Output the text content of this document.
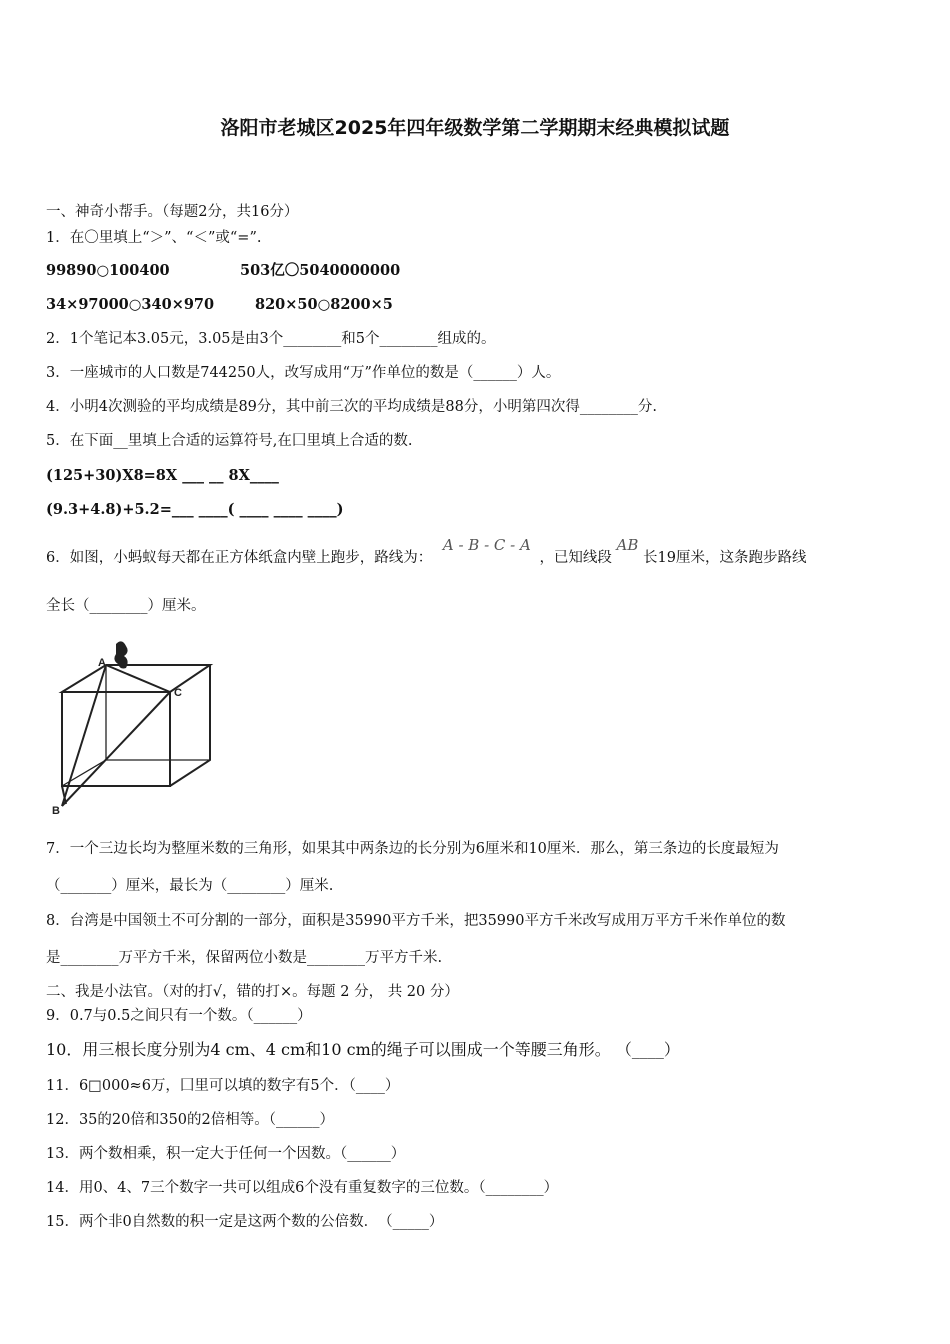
洛阳市老城区2025年四年级数学第二学期期末经典模拟试题
一、神奇小帮手。（每题2分，共16分）
1．在〇里填上“＞”、“＜”或“=”.
99890○100400	503亿〇5040000000
34×97000○340×970	820×50○8200×5
2．1个笔记本3.05元，3.05是由3个________和5个________组成的。
3．一座城市的人口数是744250人，改写成用“万”作单位的数是（______）人。
4．小明4次测验的平均成绩是89分，其中前三次的平均成绩是88分，小明第四次得________分.
5．在下面__里填上合适的运算符号,在囗里填上合适的数.
(125+30)X8=8X ___ __ 8X____
(9.3+4.8)+5.2=___ ____( ____ ____ ____)
6．如图，小蚂蚁每天都在正方体纸盒内壁上跑步，路线为： A - B - C - A ，已知线段 AB 长19厘米，这条跑步路线
全长（________）厘米。
A
C
B
7．一个三边长均为整厘米数的三角形，如果其中两条边的长分别为6厘米和10厘米．那么，第三条边的长度最短为
（_______）厘米，最长为（________）厘米.
8．台湾是中国领土不可分割的一部分，面积是35990平方千米，把35990平方千米改写成用万平方千米作单位的数
是________万平方千米，保留两位小数是________万平方千米.
二、我是小法官。（对的打√，错的打×。每题 2 分， 共 20 分）
9．0.7与0.5之间只有一个数。（______）
10．用三根长度分别为4 cm、4 cm和10 cm的绳子可以围成一个等腰三角形。 （____）
11．6□000≈6万，囗里可以填的数字有5个．（____）
12．35的20倍和350的2倍相等。（______）
13．两个数相乘，积一定大于任何一个因数。（______）
14．用0、4、7三个数字一共可以组成6个没有重复数字的三位数。（________）
15．两个非0自然数的积一定是这两个数的公倍数．　（_____）
